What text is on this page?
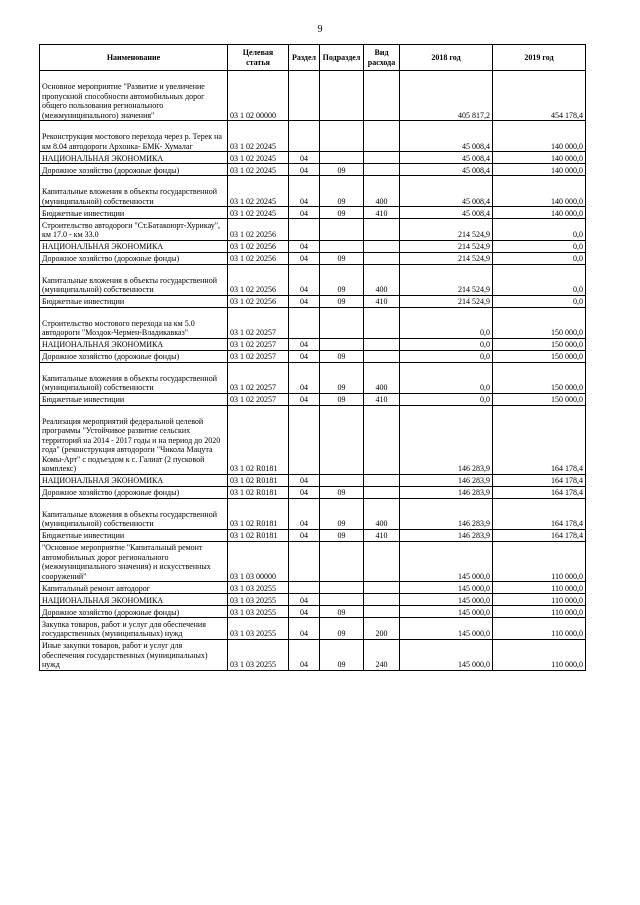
9
Наименование	Целевая статья	Раздел	Подраздел	Вид расхода	2018 год	2019 год
Основное мероприятие "Развитие и увеличение пропускной способности автомобильных дорог общего пользования регионального (межмуниципального) значения"	03 1 02 00000				405 817,2	454 178,4
Реконструкция мостового перехода через р. Терек на км 8.04 автодороги Архонка- БМК- Хумалаг	03 1 02 20245				45 008,4	140 000,0
НАЦИОНАЛЬНАЯ ЭКОНОМИКА	03 1 02 20245	04			45 008,4	140 000,0
Дорожное хозяйство (дорожные фонды)	03 1 02 20245	04	09		45 008,4	140 000,0
Капитальные вложения в объекты государственной (муниципальной) собственности	03 1 02 20245	04	09	400	45 008,4	140 000,0
Бюджетные инвестиции	03 1 02 20245	04	09	410	45 008,4	140 000,0
Строительство автодороги "Ст.Батакоюрт-Хурикау", км 17.0 - км 33.0	03 1 02 20256				214 524,9	0,0
НАЦИОНАЛЬНАЯ ЭКОНОМИКА	03 1 02 20256	04			214 524,9	0,0
Дорожное хозяйство (дорожные фонды)	03 1 02 20256	04	09		214 524,9	0,0
Капитальные вложения в объекты государственной (муниципальной) собственности	03 1 02 20256	04	09	400	214 524,9	0,0
Бюджетные инвестиции	03 1 02 20256	04	09	410	214 524,9	0,0
Строительство мостового перехода на км 5.0 автодороги "Моздок-Чермен-Владикавказ"	03 1 02 20257				0,0	150 000,0
НАЦИОНАЛЬНАЯ ЭКОНОМИКА	03 1 02 20257	04			0,0	150 000,0
Дорожное хозяйство (дорожные фонды)	03 1 02 20257	04	09		0,0	150 000,0
Капитальные вложения в объекты государственной (муниципальной) собственности	03 1 02 20257	04	09	400	0,0	150 000,0
Бюджетные инвестиции	03 1 02 20257	04	09	410	0,0	150 000,0
Реализация мероприятий федеральной целевой программы "Устойчивое развитие сельских территорий на 2014 - 2017 годы и на период до 2020 года" (реконструкция автодороги "Чикола Мацута Комы-Арт" с подъездом к с. Галиат (2 пусковой комплекс)	03 1 02 R0181				146 283,9	164 178,4
НАЦИОНАЛЬНАЯ ЭКОНОМИКА	03 1 02 R0181	04			146 283,9	164 178,4
Дорожное хозяйство (дорожные фонды)	03 1 02 R0181	04	09		146 283,9	164 178,4
Капитальные вложения в объекты государственной (муниципальной) собственности	03 1 02 R0181	04	09	400	146 283,9	164 178,4
Бюджетные инвестиции	03 1 02 R0181	04	09	410	146 283,9	164 178,4
"Основное мероприятие "Капитальный ремонт автомобильных дорог регионального (межмуниципального значения) и искусственных сооружений"	03 1 03 00000				145 000,0	110 000,0
Капитальный ремонт автодорог	03 1 03 20255				145 000,0	110 000,0
НАЦИОНАЛЬНАЯ ЭКОНОМИКА	03 1 03 20255	04			145 000,0	110 000,0
Дорожное хозяйство (дорожные фонды)	03 1 03 20255	04	09		145 000,0	110 000,0
Закупка товаров, работ и услуг для обеспечения государственных (муниципальных) нужд	03 1 03 20255	04	09	200	145 000,0	110 000,0
Иные закупки товаров, работ и услуг для обеспечения государственных (муниципальных) нужд	03 1 03 20255	04	09	240	145 000,0	110 000,0
